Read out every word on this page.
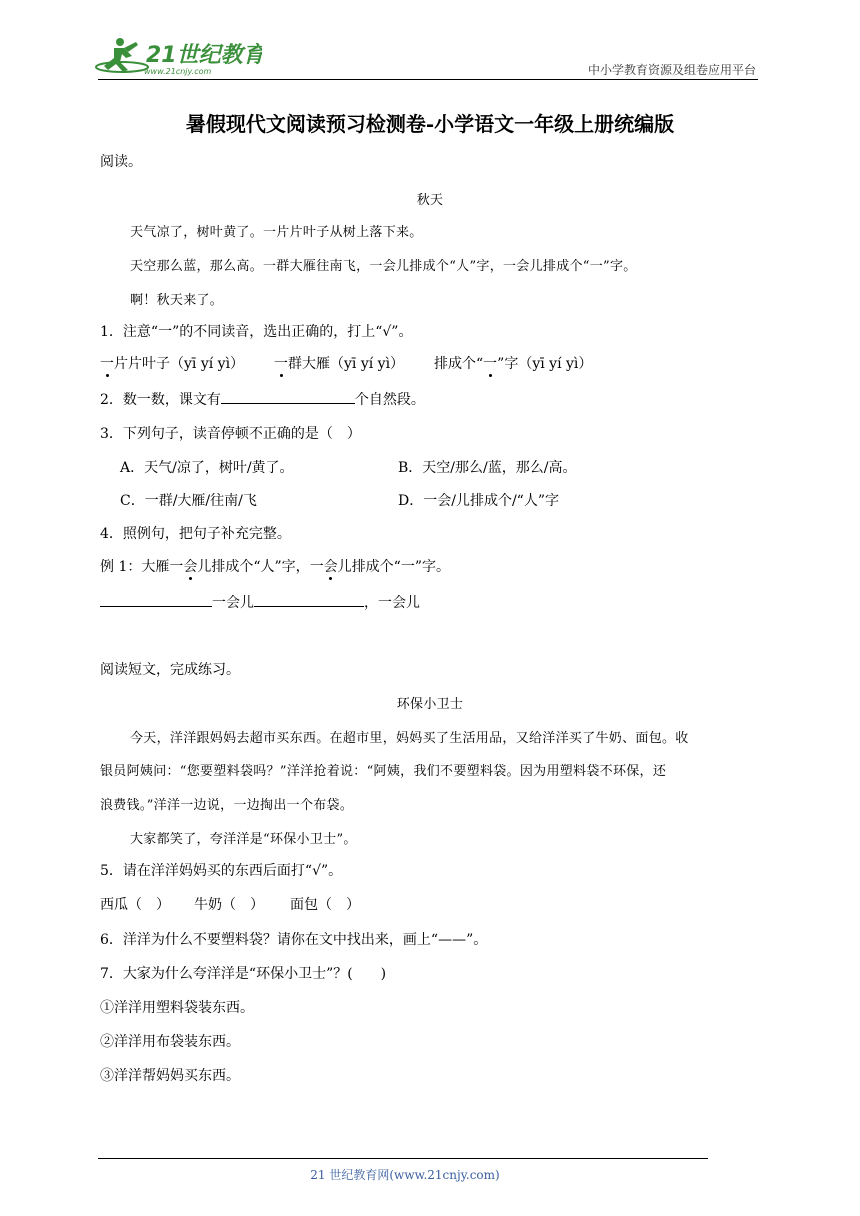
21世纪教育
www.21cnjy.com	中小学教育资源及组卷应用平台
暑假现代文阅读预习检测卷-小学语文一年级上册统编版
阅读。
秋天
天气凉了，树叶黄了。一片片叶子从树上落下来。
天空那么蓝，那么高。一群大雁往南飞，一会儿排成个“人”字，一会儿排成个“一”字。
啊！秋天来了。
1．注意“一”的不同读音，选出正确的，打上“√”。
一片片叶子（yī yí yì） 一群大雁（yī yí yì） 排成个“一”字（yī yí yì）
2．数一数，课文有	个自然段。
3．下列句子，读音停顿不正确的是（　）
A．天气/凉了，树叶/黄了。	B．天空/那么/蓝，那么/高。
C．一群/大雁/往南/飞	D．一会/儿排成个/“人”字
4．照例句，把句子补充完整。
例 1：大雁一会儿排成个“人”字，一会儿排成个“一”字。
一会儿	，一会儿
阅读短文，完成练习。
环保小卫士
今天，洋洋跟妈妈去超市买东西。在超市里，妈妈买了生活用品，又给洋洋买了牛奶、面包。收
银员阿姨问：“您要塑料袋吗？”洋洋抢着说：“阿姨，我们不要塑料袋。因为用塑料袋不环保，还
浪费钱。”洋洋一边说，一边掏出一个布袋。
大家都笑了，夸洋洋是“环保小卫士”。
5．请在洋洋妈妈买的东西后面打“√”。
西瓜（　） 牛奶（　） 面包（　）
6．洋洋为什么不要塑料袋？请你在文中找出来，画上“——”。
7．大家为什么夸洋洋是“环保小卫士”？(　　)
①洋洋用塑料袋装东西。
②洋洋用布袋装东西。
③洋洋帮妈妈买东西。
21 世纪教育网(www.21cnjy.com)
